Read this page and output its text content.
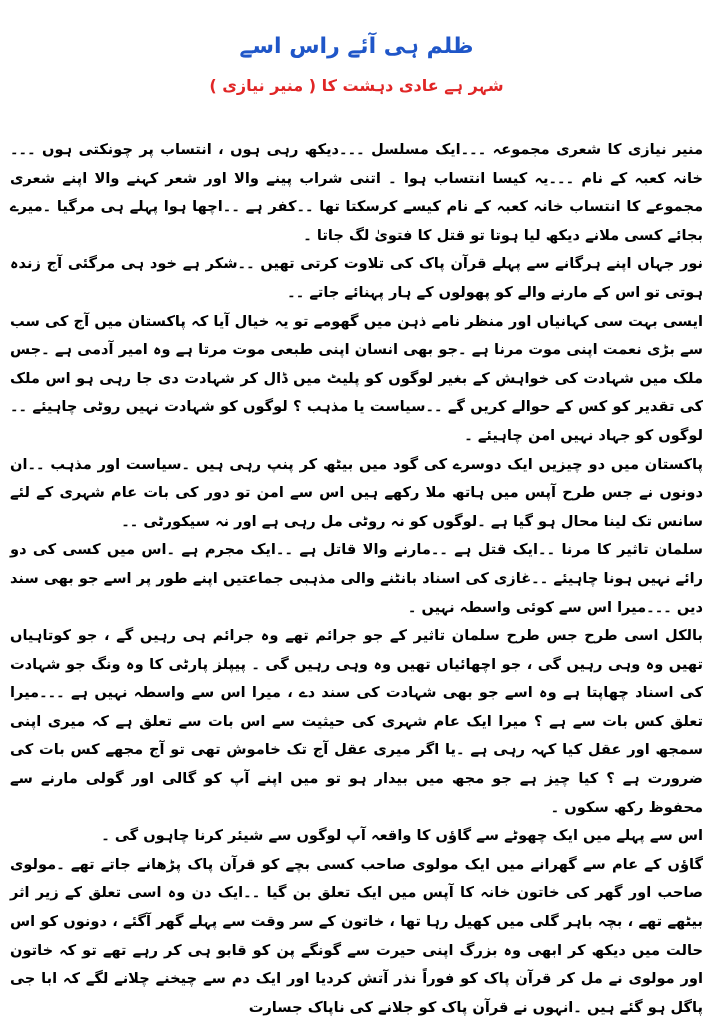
ظلم ہی آئے راس اسے
شہر ہے عادی دہشت کا ( منیر نیازی )

منیر نیازی کا شعری مجموعہ ۔۔۔ایک مسلسل ۔۔۔دیکھ رہی ہوں ، انتساب پر چونکتی ہوں ۔۔۔خانہ کعبہ کے نام ۔۔۔یہ کیسا انتساب ہوا ۔ اتنی شراب پینے والا اور شعر کہنے والا اپنے شعری مجموعے کا انتساب خانہ کعبہ کے نام کیسے کرسکتا تھا ۔۔کفر ہے ۔۔اچھا ہوا پہلے ہی مرگیا ۔میرے بجائے کسی ملانے دیکھ لیا ہوتا تو قتل کا فتویٰ لگ جاتا ۔

نور جہاں اپنے ہرگانے سے پہلے قرآن پاک کی تلاوت کرتی تھیں ۔۔شکر ہے خود ہی مرگئی آج زندہ ہوتی تو اس کے مارنے والے کو پھولوں کے ہار پہنائے جاتے ۔۔

ایسی بہت سی کہانیاں اور منظر نامے ذہن میں گھومے تو یہ خیال آیا کہ پاکستان میں آج کی سب سے بڑی نعمت اپنی موت مرنا ہے ۔جو بھی انسان اپنی طبعی موت مرتا ہے وہ امیر آدمی ہے ۔جس ملک میں شہادت کی خواہش کے بغیر لوگوں کو پلیٹ میں ڈال کر شہادت دی جا رہی ہو اس ملک کی تقدیر کو کس کے حوالے کریں گے ۔۔سیاست یا مذہب ؟ لوگوں کو شہادت نہیں روٹی چاہیئے ۔۔لوگوں کو جہاد نہیں امن چاہیئے ۔

پاکستان میں دو چیزیں ایک دوسرے کی گود میں بیٹھ کر پنپ رہی ہیں ۔سیاست اور مذہب ۔۔ان دونوں نے جس طرح آپس میں ہاتھ ملا رکھے ہیں اس سے امن تو دور کی بات عام شہری کے لئے سانس تک لینا محال ہو گیا ہے ۔لوگوں کو نہ روٹی مل رہی ہے اور نہ سیکورٹی ۔۔

سلمان تاثیر کا مرنا ۔۔ایک قتل ہے ۔۔مارنے والا قاتل ہے ۔۔ایک مجرم ہے ۔اس میں کسی کی دو رائے نہیں ہونا چاہیئے ۔۔غازی کی اسناد بانٹنے والی مذہبی جماعتیں اپنے طور پر اسے جو بھی سند دیں ۔۔۔میرا اس سے کوئی واسطہ نہیں ۔

بالکل اسی طرح جس طرح سلمان تاثیر کے جو جرائم تھے وہ جرائم ہی رہیں گے ، جو کوتاہیاں تھیں وہ وہی رہیں گی ، جو اچھائیاں تھیں وہ وہی رہیں گی ۔ پیپلز پارٹی کا وہ ونگ جو شہادت کی اسناد چھاپتا ہے وہ اسے جو بھی شہادت کی سند دے ، میرا اس سے واسطہ نہیں ہے ۔۔۔میرا تعلق کس بات سے ہے ؟ میرا ایک عام شہری کی حیثیت سے اس بات سے تعلق ہے کہ میری اپنی سمجھ اور عقل کیا کہہ رہی ہے ۔یا اگر میری عقل آج تک خاموش تھی تو آج مجھے کس بات کی ضرورت ہے ؟ کیا چیز ہے جو مجھ میں بیدار ہو تو میں اپنے آپ کو گالی اور گولی مارنے سے محفوظ رکھ سکوں ۔

اس سے پہلے میں ایک چھوٹے سے گاؤں کا واقعہ آپ لوگوں سے شیئر کرنا چاہوں گی ۔

گاؤں کے عام سے گھرانے میں ایک مولوی صاحب کسی بچے کو قرآن پاک پڑھانے جاتے تھے ۔مولوی صاحب اور گھر کی خاتون خانہ کا آپس میں ایک تعلق بن گیا ۔۔ایک دن وہ اسی تعلق کے زیر اثر بیٹھے تھے ، بچہ باہر گلی میں کھیل رہا تھا ، خاتون کے سر وقت سے پہلے گھر آگئے ، دونوں کو اس حالت میں دیکھ کر ابھی وہ بزرگ اپنی حیرت سے گونگے پن کو قابو ہی کر رہے تھے تو کہ خاتون اور مولوی نے مل کر قرآن پاک کو فوراً نذر آتش کردیا اور ایک دم سے چیخنے چلانے لگے کہ ابا جی پاگل ہو گئے ہیں ۔انہوں نے قرآن پاک کو جلانے کی ناپاک جسارت
